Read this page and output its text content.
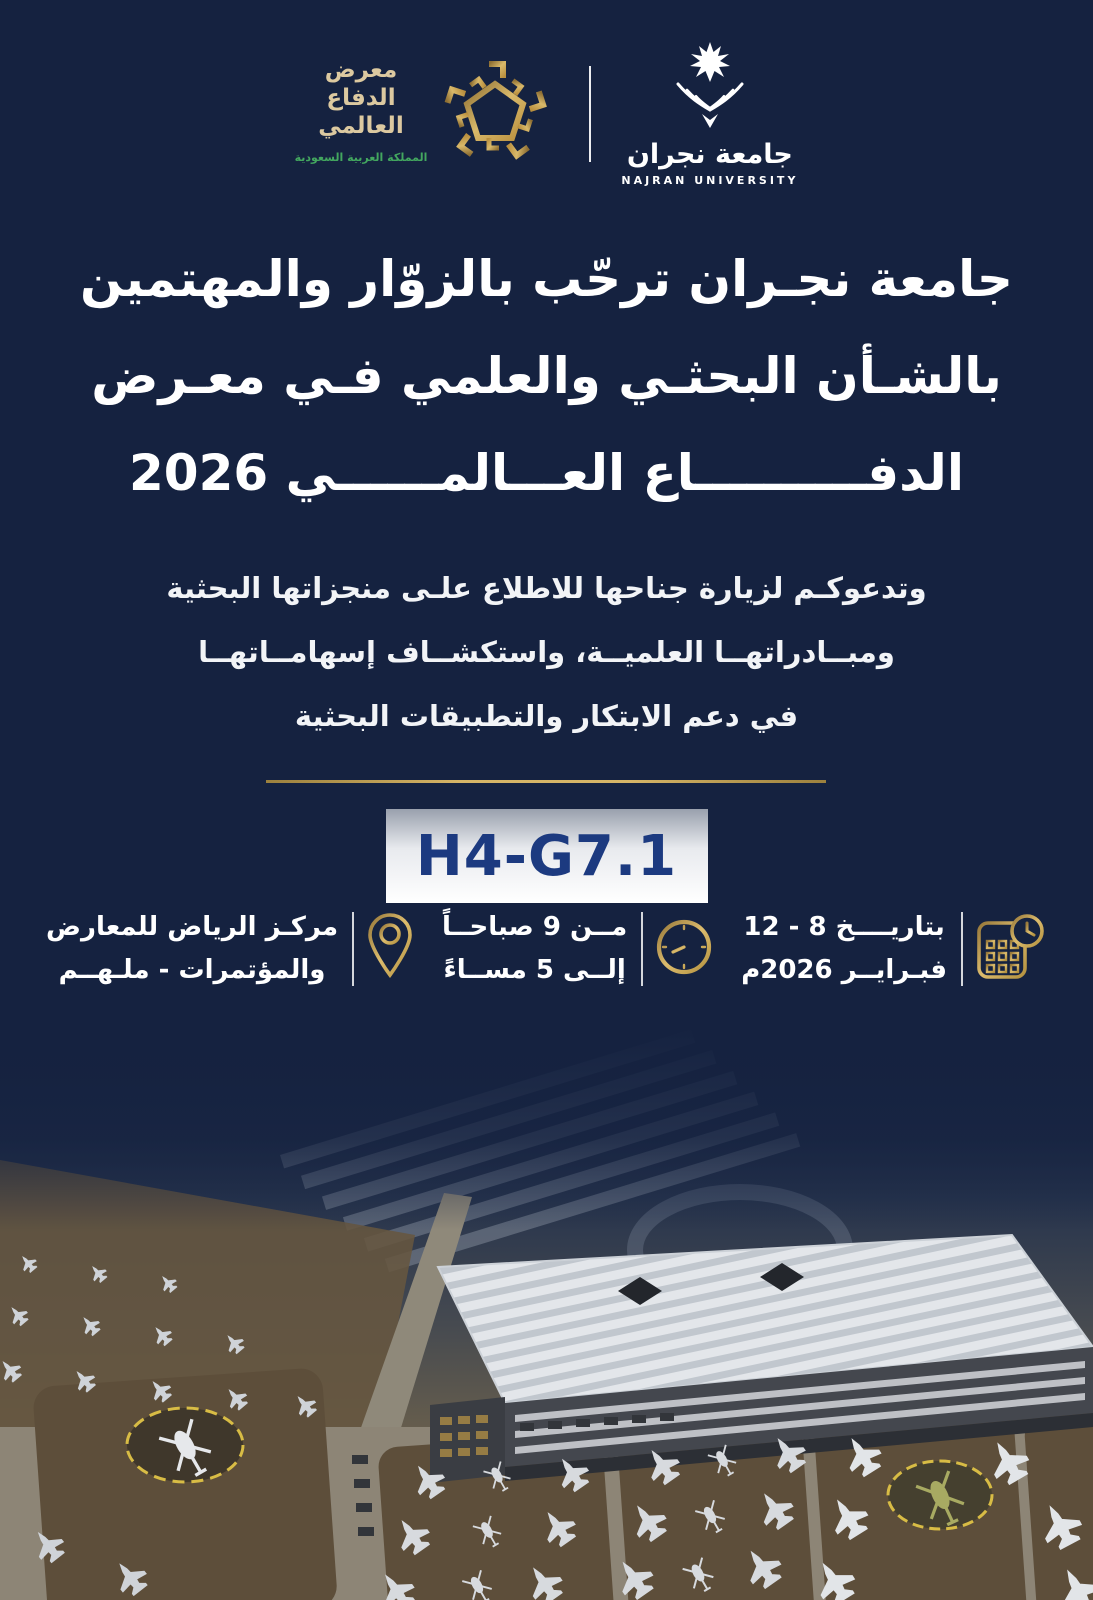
معرض
الدفاع
العالمي
المملكة العربية السعودية	جامعة نجران
NAJRAN UNIVERSITY
جامعة نجـران ترحّب بالزوّار والمهتمين
بالشـأن البحثـي والعلمي فـي معـرض
الدفــــــــــاع العـــالمــــــي 2026
وتدعوكـم لزيارة جناحها للاطلاع علـى منجزاتها البحثية
ومبــادراتهــا العلميــة، واستكشــاف إسهامــاتهــا
في دعم الابتكار والتطبيقات البحثية
H4-G7.1
بتاريــــخ 8 - 12
فبـرايــر 2026م
مــن 9 صباحــاً
إلــى 5 مســاءً
مركـز الرياض للمعارض
والمؤتمرات - ملـهــم
